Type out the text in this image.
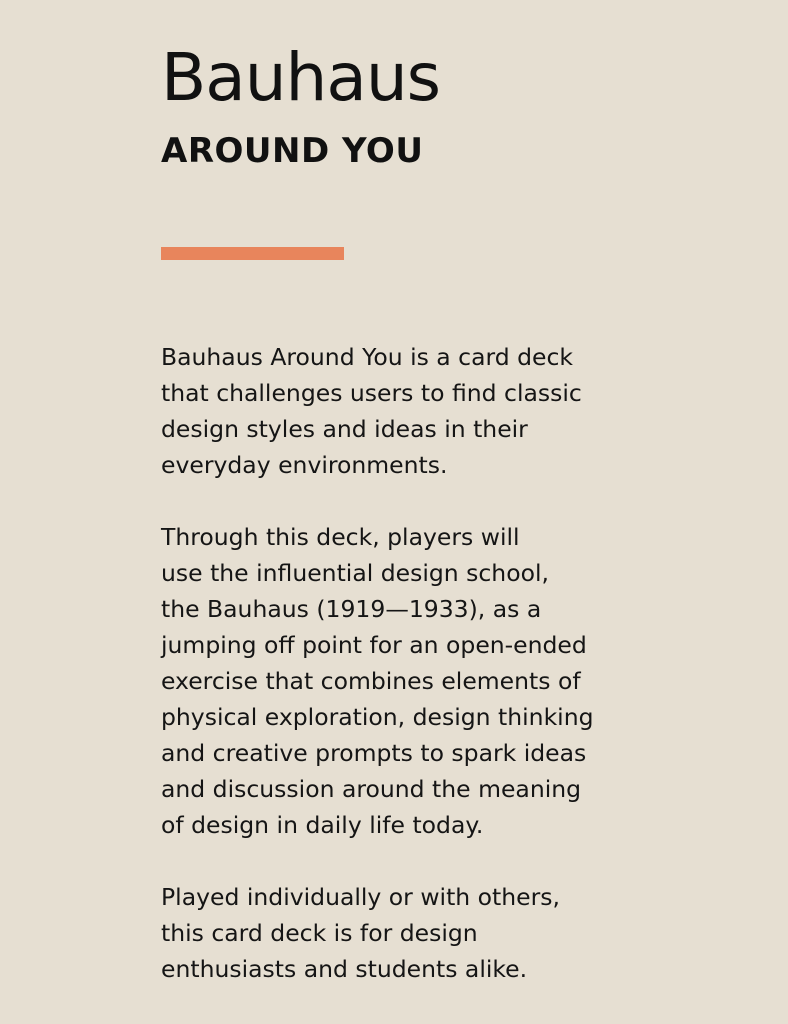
Bauhaus
AROUND YOU

Bauhaus Around You is a card deck
that challenges users to find classic
design styles and ideas in their
everyday environments.

Through this deck, players will
use the influential design school,
the Bauhaus (1919—1933), as a
jumping off point for an open-ended
exercise that combines elements of
physical exploration, design thinking
and creative prompts to spark ideas
and discussion around the meaning
of design in daily life today.

Played individually or with others,
this card deck is for design
enthusiasts and students alike.
